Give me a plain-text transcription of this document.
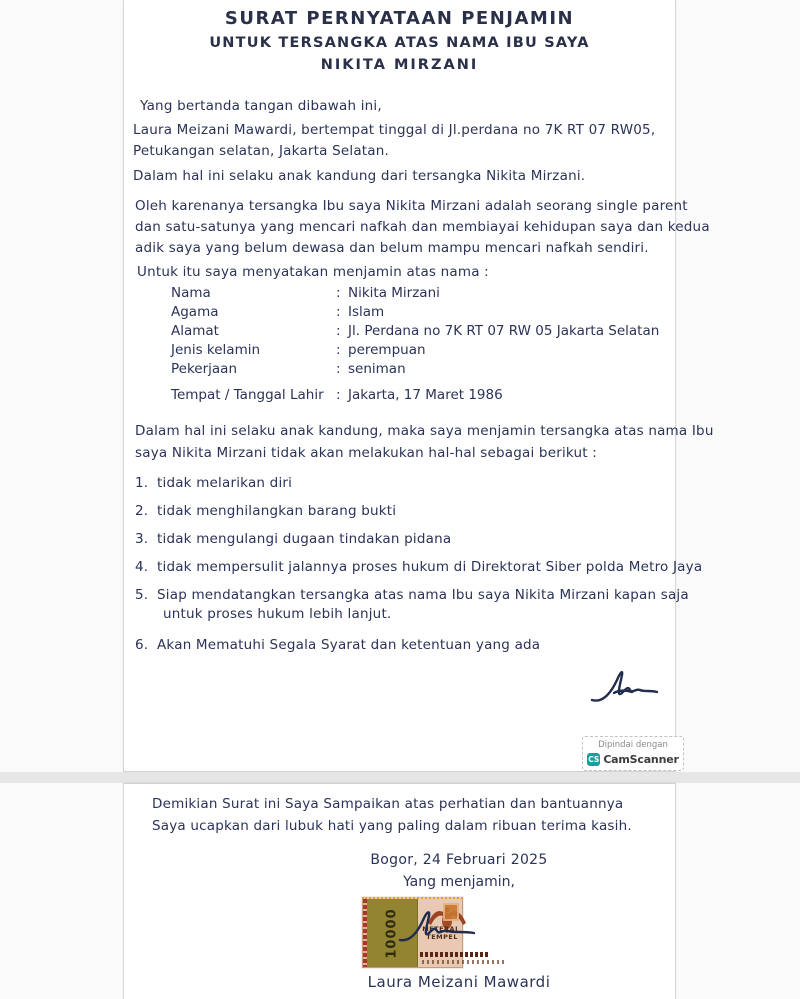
SURAT PERNYATAAN PENJAMIN
UNTUK TERSANGKA ATAS NAMA IBU SAYA
NIKITA MIRZANI
Yang bertanda tangan dibawah ini,
Laura Meizani Mawardi, bertempat tinggal di Jl.perdana no 7K RT 07 RW05,
Petukangan selatan, Jakarta Selatan.
Dalam hal ini selaku anak kandung dari tersangka Nikita Mirzani.
Oleh karenanya tersangka Ibu saya Nikita Mirzani adalah seorang single parent
dan satu-satunya yang mencari nafkah dan membiayai kehidupan saya dan kedua
adik saya yang belum dewasa dan belum mampu mencari nafkah sendiri.
Untuk itu saya menyatakan menjamin atas nama :
Nama	: Nikita Mirzani
Agama	: Islam
Alamat	: Jl. Perdana no 7K RT 07 RW 05 Jakarta Selatan
Jenis kelamin	: perempuan
Pekerjaan	: seniman
Tempat / Tanggal Lahir : Jakarta, 17 Maret 1986
Dalam hal ini selaku anak kandung, maka saya menjamin tersangka atas nama Ibu
saya Nikita Mirzani tidak akan melakukan hal-hal sebagai berikut :
1. tidak melarikan diri
2. tidak menghilangkan barang bukti
3. tidak mengulangi dugaan tindakan pidana
4. tidak mempersulit jalannya proses hukum di Direktorat Siber polda Metro Jaya
5. Siap mendatangkan tersangka atas nama Ibu saya Nikita Mirzani kapan saja
untuk proses hukum lebih lanjut.
6. Akan Mematuhi Segala Syarat dan ketentuan yang ada
Dipindai dengan
CS CamScanner
Demikian Surat ini Saya Sampaikan atas perhatian dan bantuannya
Saya ucapkan dari lubuk hati yang paling dalam ribuan terima kasih.
Bogor, 24 Februari 2025
Yang menjamin,
10000	METERAI TEMPEL
Laura Meizani Mawardi
